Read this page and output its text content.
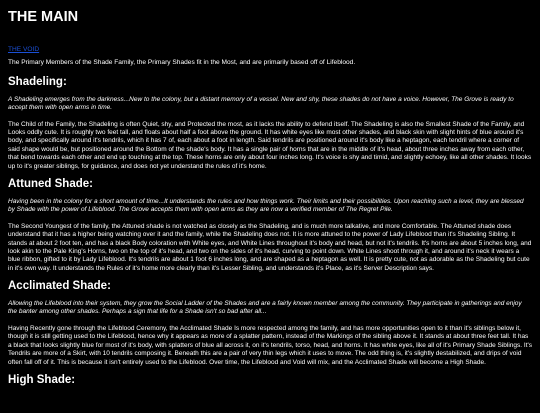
THE MAIN
THE VOID

The Primary Members of the Shade Family, the Primary Shades fit in the Most, and are primarily based off of Lifeblood.

Shadeling:

A Shadeling emerges from the darkness...New to the colony, but a distant memory of a vessel. New and shy, these shades do not have a voice. However, The Grove is ready to accept them with open arms in time.

The Child of the Family, the Shadeling is often Quiet, shy, and Protected the most, as it lacks the ability to defend itself. The Shadeling is also the Smallest Shade of the Family, and Looks oddly cute. It is roughly two feet tall, and floats about half a foot above the ground. It has white eyes like most other shades, and black skin with slight hints of blue around it's body, and specifically around it's tendrils, which it has 7 of, each about a foot in length. Said tendrils are positioned around it's body like a heptagon, each tendril where a corner of said shape would be, but positioned around the Bottom of the shade's body. It has a single pair of horns that are in the middle of it's head, about three inches away from each other, that bend towards each other and end up touching at the top. These horns are only about four inches long. It's voice is shy and timid, and slightly echoey, like all other shades. It looks up to it's greater siblings, for guidance, and does not yet understand the rules of it's home.

Attuned Shade:

Having been in the colony for a short amount of time...It understands the rules and how things work. Their limits and their possibilities. Upon reaching such a level, they are blessed by Shade with the power of Lifeblood. The Grove accepts them with open arms as they are now a verified member of The Regret Pile.

The Second Youngest of the family, the Attuned shade is not watched as closely as the Shadeling, and is much more talkative, and more Comfortable. The Attuned shade does understand that it has a higher being watching over it and the family, while the Shadeling does not. It is more attuned to the power of Lady Lifeblood than it's Shadeling Sibling. It stands at about 2 foot ten, and has a black Body coloration with White eyes, and White Lines throughout it's body and head, but not it's tendrils. It's horns are about 5 inches long, and look akin to the Pale King's Horns, two on the top of it's head, and two on the sides of it's head, curving to point down. White Lines shoot through it, and around it's neck it wears a blue ribbon, gifted to it by Lady Lifeblood. It's tendrils are about 1 foot 6 inches long, and are shaped as a heptagon as well. It is pretty cute, not as adorable as the Shadeling but cute in it's own way. It understands the Rules of it's home more clearly than it's Lesser Sibling, and understands it's Place, as it's Server Description says.

Acclimated Shade:

Allowing the Lifeblood into their system, they grow the Social Ladder of the Shades and are a fairly known member among the community. They participate in gatherings and enjoy the banter among other shades. Perhaps a sign that life for a Shade isn't so bad after all...

Having Recently gone through the Lifeblood Ceremony, the Acclimated Shade Is more respected among the family, and has more opportunities open to it than it's siblings below it, though it is still getting used to the Lifeblood, hence why it appears as more of a splatter pattern, instead of the Markings of the sibling above it. It stands at about three feet tall. It has a black that looks slightly blue for most of it's body, with splatters of blue all across it, on it's tendrils, torso, head, and horns. It has white eyes, like all of it's Primary Shade Siblings. It's Tendrils are more of a Skirt, with 10 tendrils composing it. Beneath this are a pair of very thin legs which it uses to move. The odd thing is, it's slightly destabilized, and drips of void often fall off of it. This is because it isn't entirely used to the Lifeblood. Over time, the Lifeblood and Void will mix, and the Acclimated Shade will become a High Shade.

High Shade:
